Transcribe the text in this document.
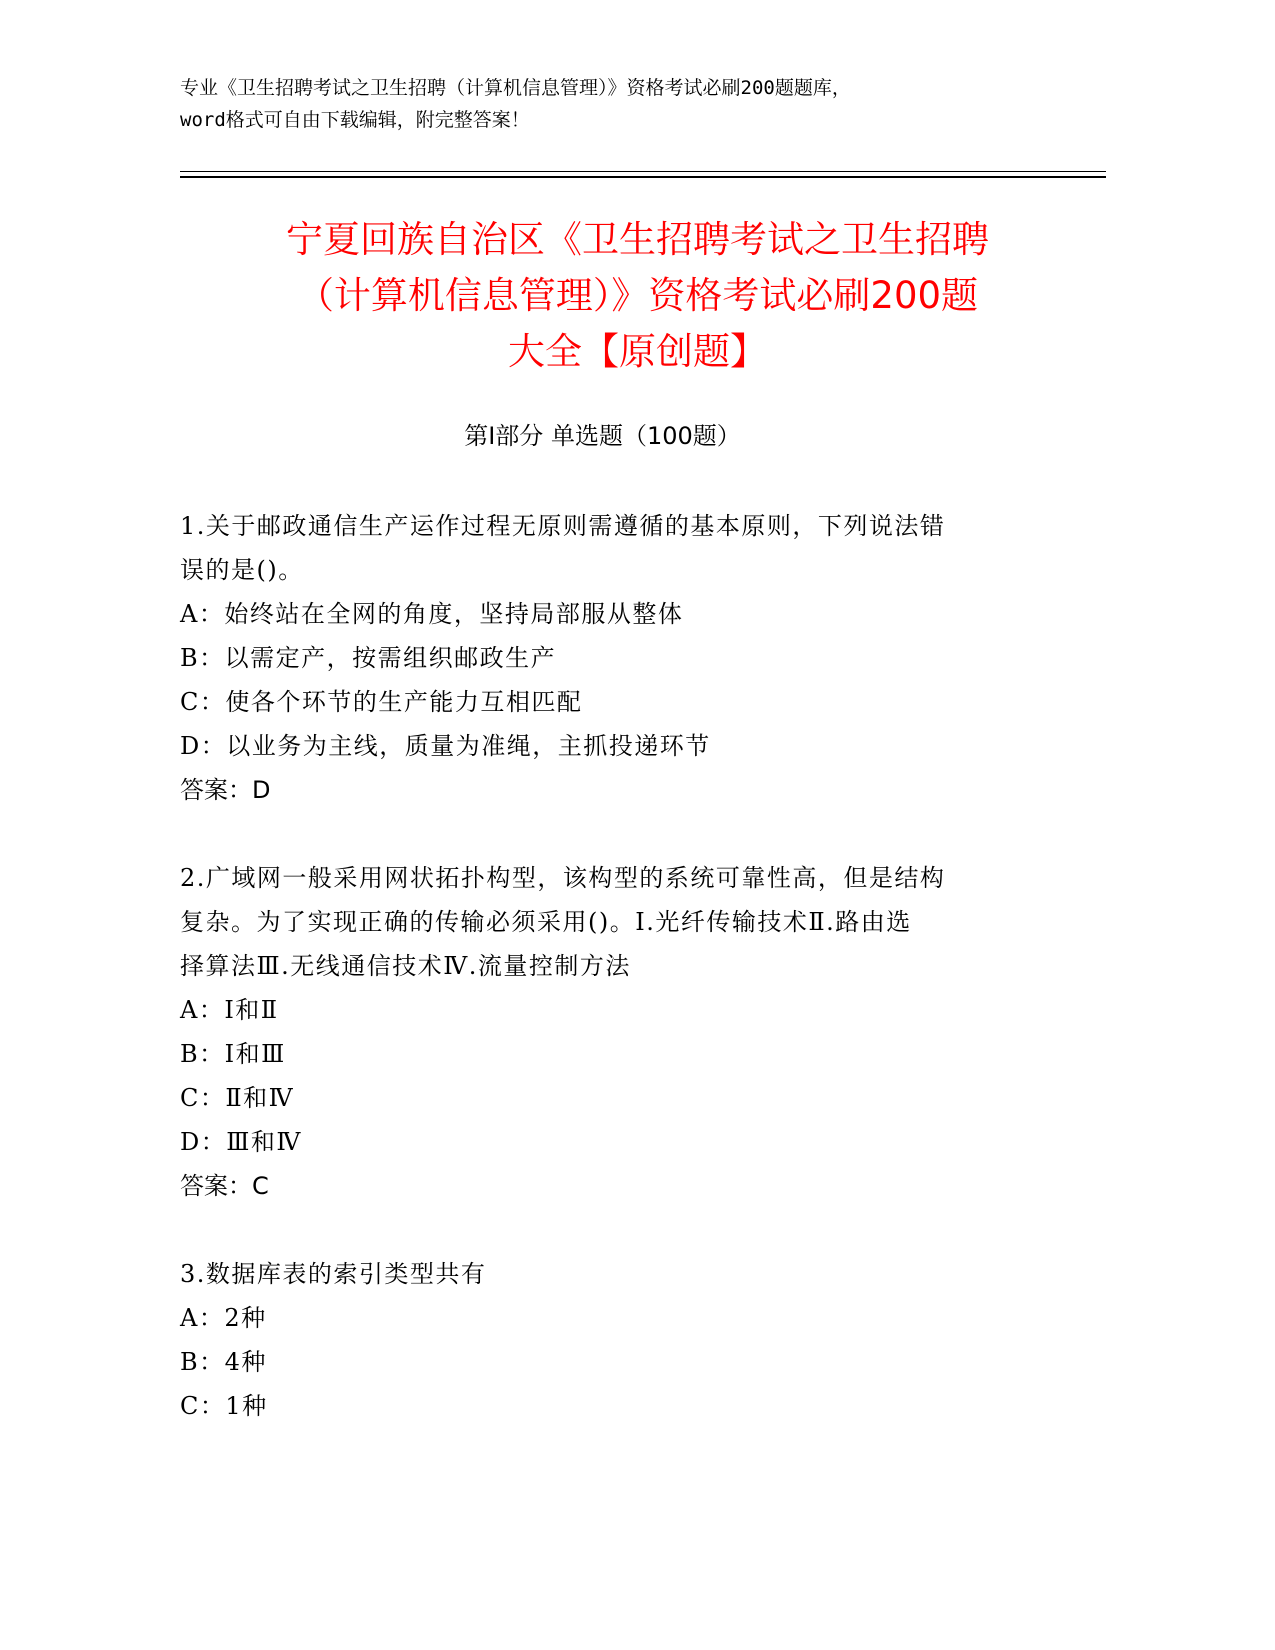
专业《卫生招聘考试之卫生招聘（计算机信息管理）》资格考试必刷200题题库，
word格式可自由下载编辑，附完整答案！
宁夏回族自治区《卫生招聘考试之卫生招聘
（计算机信息管理）》资格考试必刷200题
大全【原创题】
第Ⅰ部分 单选题（100题）
1.关于邮政通信生产运作过程无原则需遵循的基本原则，下列说法错
误的是()。
A：始终站在全网的角度，坚持局部服从整体
B：以需定产，按需组织邮政生产
C：使各个环节的生产能力互相匹配
D：以业务为主线，质量为准绳，主抓投递环节
答案：D
2.广域网一般采用网状拓扑构型，该构型的系统可靠性高，但是结构
复杂。为了实现正确的传输必须采用()。Ⅰ.光纤传输技术Ⅱ.路由选
择算法Ⅲ.无线通信技术Ⅳ.流量控制方法
A：Ⅰ和Ⅱ
B：Ⅰ和Ⅲ
C：Ⅱ和Ⅳ
D：Ⅲ和Ⅳ
答案：C
3.数据库表的索引类型共有
A：2种
B：4种
C：1种
